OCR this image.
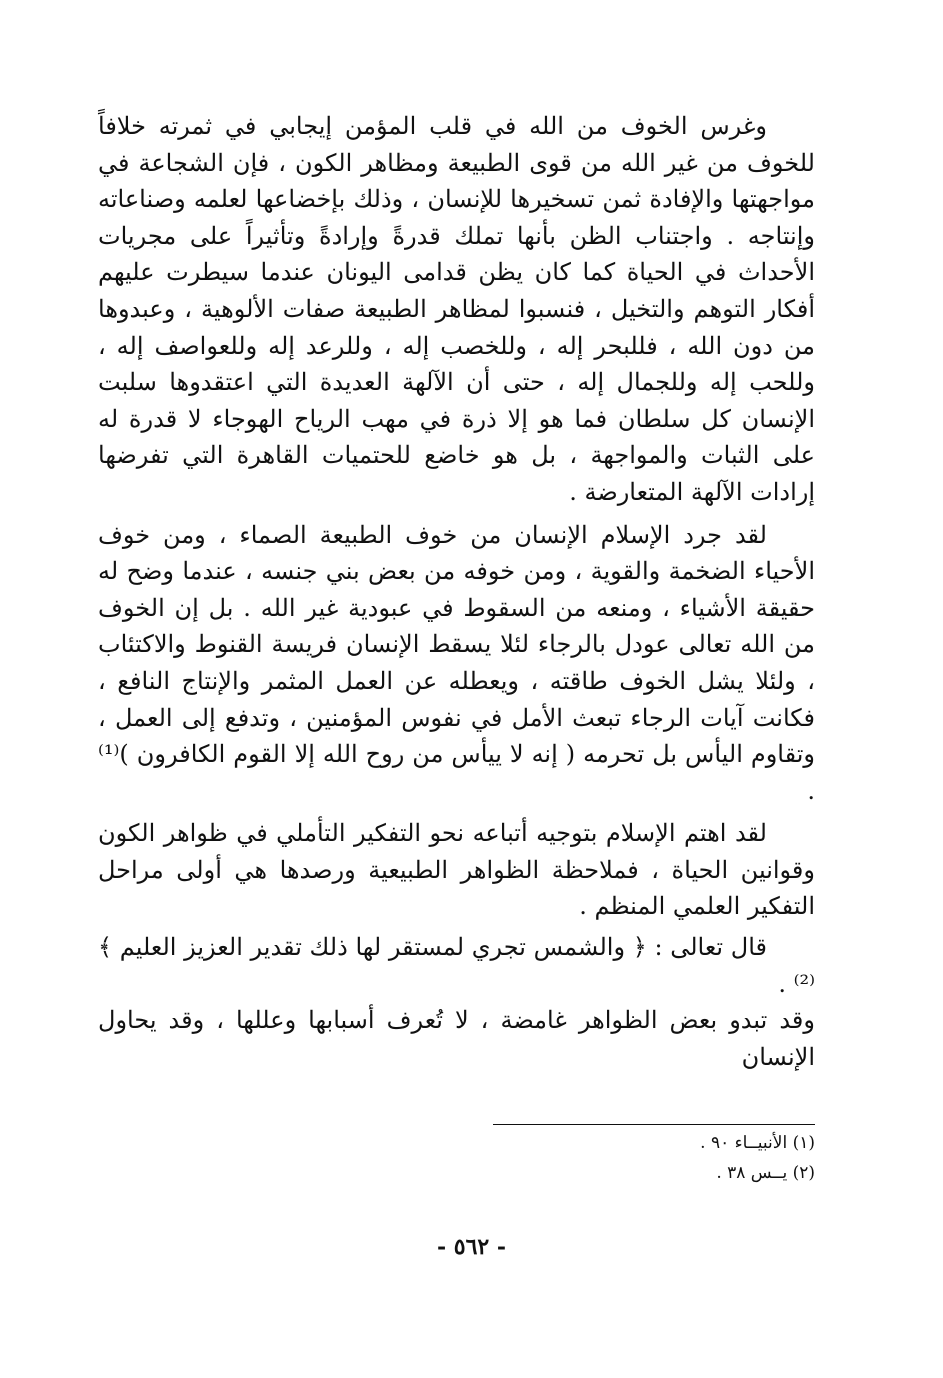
وغرس الخوف من الله في قلب المؤمن إيجابي في ثمرته خلافاً للخوف من غير الله من قوى الطبيعة ومظاهر الكون ، فإن الشجاعة في مواجهتها والإفادة ثمن تسخيرها للإنسان ، وذلك بإخضاعها لعلمه وصناعاته وإنتاجه . واجتناب الظن بأنها تملك قدرةً وإرادةً وتأثيراً على مجريات الأحداث في الحياة كما كان يظن قدامى اليونان عندما سيطرت عليهم أفكار التوهم والتخيل ، فنسبوا لمظاهر الطبيعة صفات الألوهية ، وعبدوها من دون الله ، فللبحر إله ، وللخصب إله ، وللرعد إله وللعواصف إله ، وللحب إله وللجمال إله ، حتى أن الآلهة العديدة التي اعتقدوها سلبت الإنسان كل سلطان فما هو إلا ذرة في مهب الرياح الهوجاء لا قدرة له على الثبات والمواجهة ، بل هو خاضع للحتميات القاهرة التي تفرضها إرادات الآلهة المتعارضة .

لقد جرد الإسلام الإنسان من خوف الطبيعة الصماء ، ومن خوف الأحياء الضخمة والقوية ، ومن خوفه من بعض بني جنسه ، عندما وضح له حقيقة الأشياء ، ومنعه من السقوط في عبودية غير الله . بل إن الخوف من الله تعالى عودل بالرجاء لئلا يسقط الإنسان فريسة القنوط والاكتئاب ، ولئلا يشل الخوف طاقته ، ويعطله عن العمل المثمر والإنتاج النافع ، فكانت آيات الرجاء تبعث الأمل في نفوس المؤمنين ، وتدفع إلى العمل ، وتقاوم اليأس بل تحرمه ( إنه لا ييأس من روح الله إلا القوم الكافرون )⁽¹⁾ .

لقد اهتم الإسلام بتوجيه أتباعه نحو التفكير التأملي في ظواهر الكون وقوانين الحياة ، فملاحظة الظواهر الطبيعية ورصدها هي أولى مراحل التفكير العلمي المنظم .

قال تعالى : ﴿ والشمس تجري لمستقر لها ذلك تقدير العزيز العليم ﴾⁽²⁾ .

وقد تبدو بعض الظواهر غامضة ، لا تُعرف أسبابها وعللها ، وقد يحاول الإنسان

(١) الأنبيــاء ٩٠ .
(٢) يــس ٣٨ .
- ٥٦٢ -
